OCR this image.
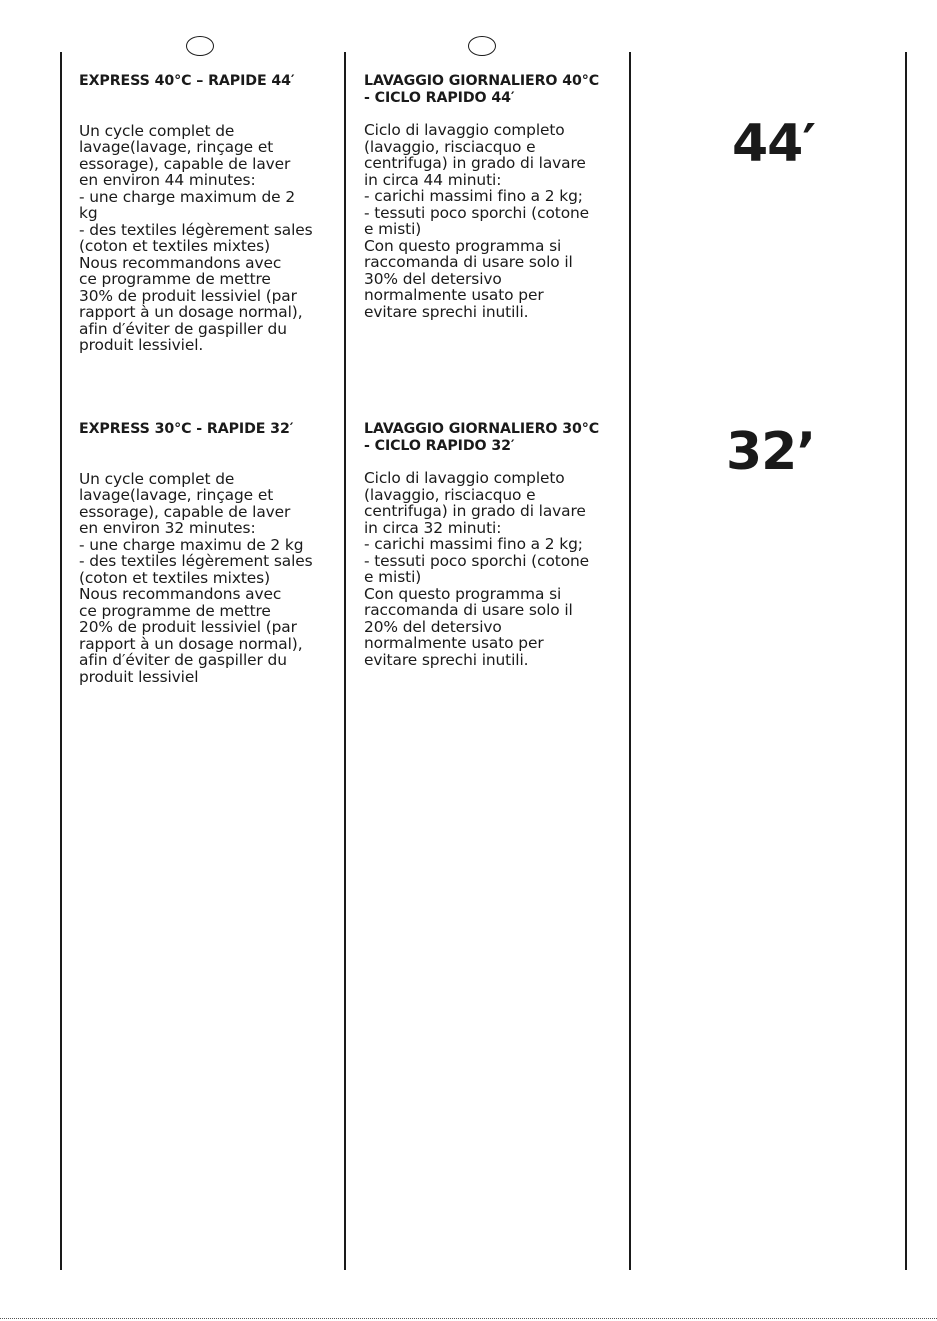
EXPRESS 40°C – RAPIDE 44′
Un cycle complet de
lavage(lavage, rinçage et
essorage), capable de laver
en environ 44 minutes:
- une charge maximum de 2
kg
- des textiles légèrement sales
(coton et textiles mixtes)
Nous recommandons avec
ce programme de mettre
30% de produit lessiviel (par
rapport à un dosage normal),
afin d′éviter de gaspiller du
produit lessiviel.
EXPRESS 30°C - RAPIDE 32′
Un cycle complet de
lavage(lavage, rinçage et
essorage), capable de laver
en environ 32 minutes:
- une charge maximu de 2 kg
- des textiles légèrement sales
(coton et textiles mixtes)
Nous recommandons avec
ce programme de mettre
20% de produit lessiviel (par
rapport à un dosage normal),
afin d′éviter de gaspiller du
produit lessiviel
LAVAGGIO GIORNALIERO 40°C
- CICLO RAPIDO 44′
Ciclo di lavaggio completo
(lavaggio, risciacquo e
centrifuga) in grado di lavare
in circa 44 minuti:
- carichi massimi fino a 2 kg;
- tessuti poco sporchi (cotone
e misti)
Con questo programma si
raccomanda di usare solo il
30% del detersivo
normalmente usato per
evitare sprechi inutili.
LAVAGGIO GIORNALIERO 30°C
- CICLO RAPIDO 32′
Ciclo di lavaggio completo
(lavaggio, risciacquo e
centrifuga) in grado di lavare
in circa 32 minuti:
- carichi massimi fino a 2 kg;
- tessuti poco sporchi (cotone
e misti)
Con questo programma si
raccomanda di usare solo il
20% del detersivo
normalmente usato per
evitare sprechi inutili.
44′
32’
